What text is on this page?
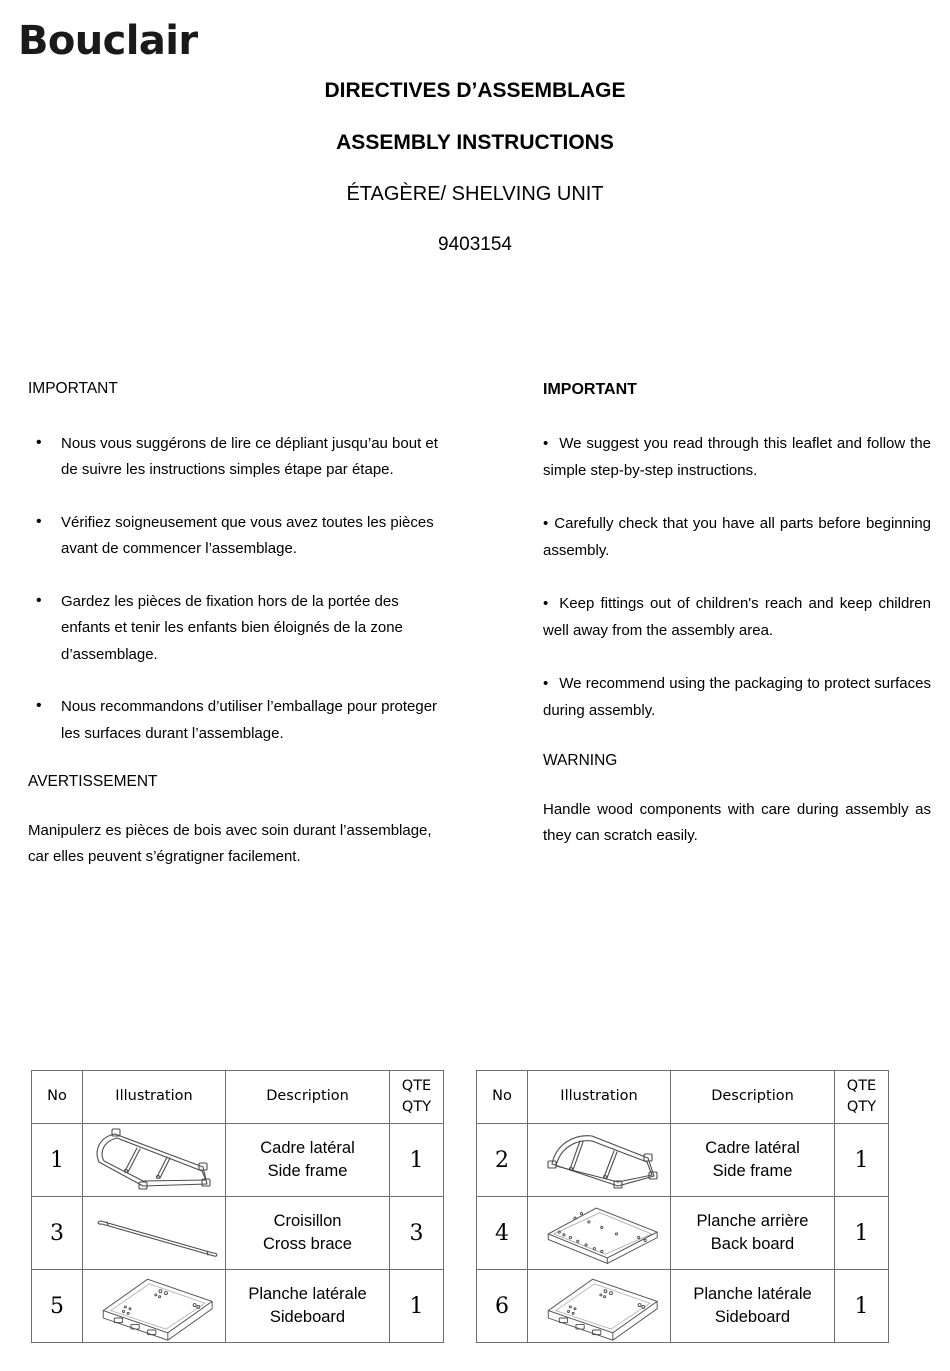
Bouclair
DIRECTIVES D’ASSEMBLAGE
ASSEMBLY INSTRUCTIONS
ÉTAGÈRE/ SHELVING UNIT
9403154
IMPORTANT
• Nous vous suggérons de lire ce dépliant jusqu’au bout et de suivre les instructions simples étape par étape.
• Vérifiez soigneusement que vous avez toutes les pièces avant de commencer l’assemblage.
• Gardez les pièces de fixation hors de la portée des enfants et tenir les enfants bien éloignés de la zone d’assemblage.
• Nous recommandons d’utiliser l’emballage pour proteger les surfaces durant l’assemblage.
AVERTISSEMENT

Manipulerz es pièces de bois avec soin durant l’assemblage, car elles peuvent s’égratigner facilement.

IMPORTANT

• We suggest you read through this leaflet and follow the simple step-by-step instructions.

• Carefully check that you have all parts before beginning assembly.

• Keep fittings out of children's reach and keep children well away from the assembly area.

• We recommend using the packaging to protect surfaces during assembly.

WARNING

Handle wood components with care during assembly as they can scratch easily.

No	Illustration	Description	QTE
QTY

1		Cadre latéral
Side frame	1
3		Croisillon
Cross brace	3
5		Planche latérale
Sideboard	1
No	Illustration	Description	QTE
QTY

2		Cadre latéral
Side frame	1
4		Planche arrière
Back board	1
6		Planche latérale
Sideboard	1
